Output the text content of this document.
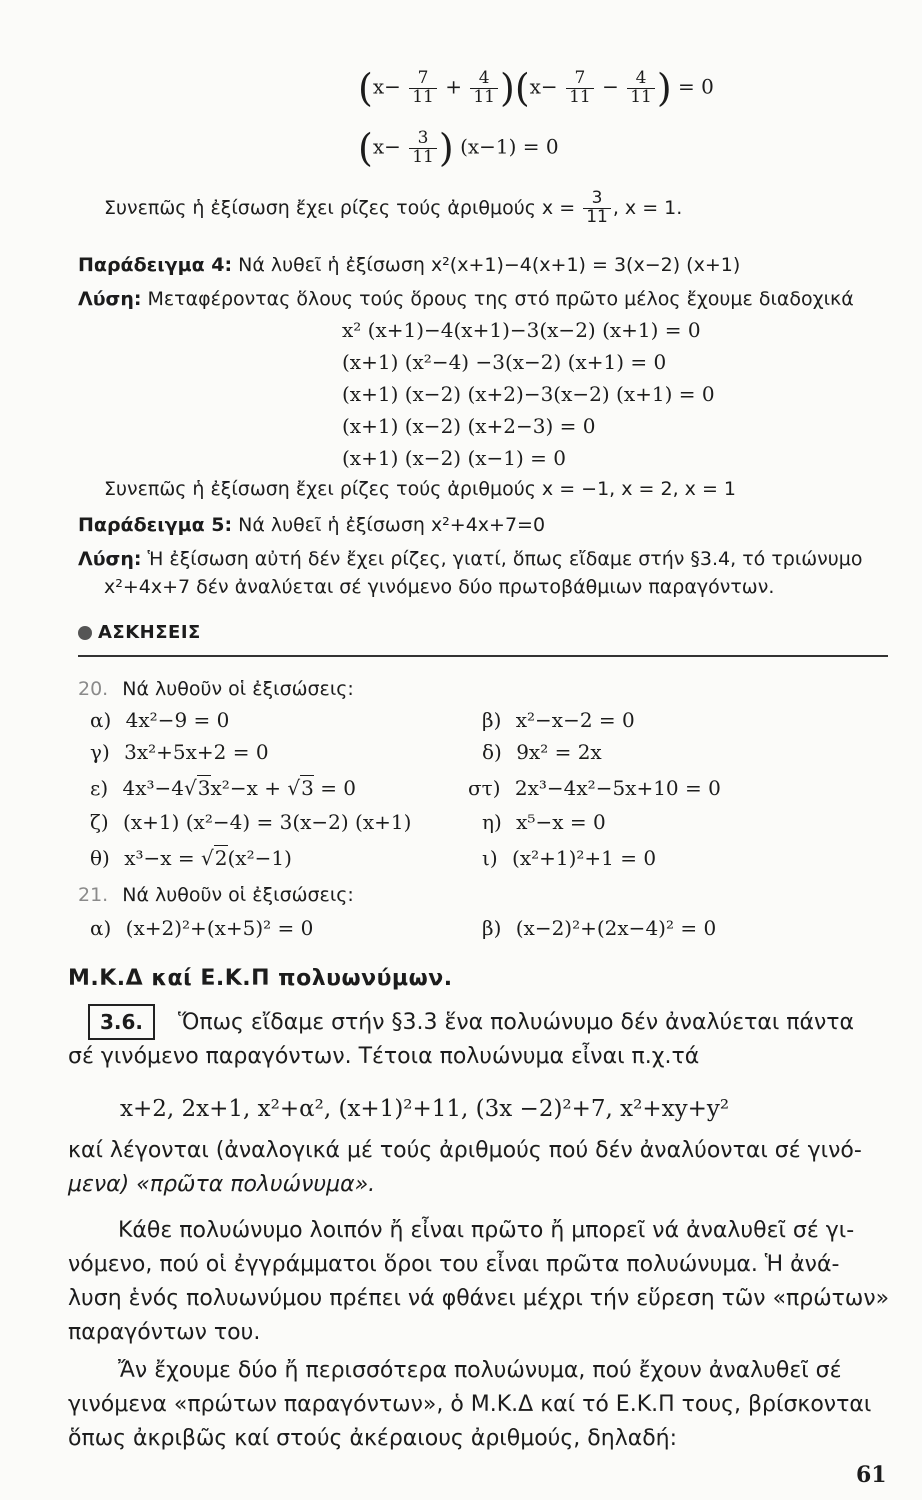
$(x- \frac{7}{11} + \frac{4}{11} )(x- \frac{7}{11} - \frac{4}{11}$ ) = 0
($x- \frac{3}{11}$ ) (x−1) = 0
Συνεπῶς ἡ ἐξίσωση ἔχει ρίζες τούς ἀριθμούς $x = \frac{3}{11}$ , x = 1.
Παράδειγμα 4: Νά λυθεῖ ἡ ἐξίσωση x²(x+1)−4(x+1) = 3(x−2) (x+1)
Λύση: Μεταφέροντας ὅλους τούς ὅρους της στό πρῶτο μέλος ἔχουμε διαδοχικά
x² (x+1)−4(x+1)−3(x−2) (x+1) = 0
(x+1) (x²−4) −3(x−2) (x+1) = 0
(x+1) (x−2) (x+2)−3(x−2) (x+1) = 0
(x+1) (x−2) (x+2−3) = 0
(x+1) (x−2) (x−1) = 0
Συνεπῶς ἡ ἐξίσωση ἔχει ρίζες τούς ἀριθμούς x = −1, x = 2, x = 1
Παράδειγμα 5: Νά λυθεῖ ἡ ἐξίσωση x²+4x+7=0
Λύση: Ἡ ἐξίσωση αὐτή δέν ἔχει ρίζες, γιατί, ὅπως εἴδαμε στήν §3.4, τό τριώνυμο
x²+4x+7 δέν ἀναλύεται σέ γινόμενο δύο πρωτοβάθμιων παραγόντων.
ΑΣΚΗΣΕΙΣ
20. Νά λυθοῦν οἱ ἐξισώσεις:
α) 4x²−9 = 0	β) x²−x−2 = 0
γ) 3x²+5x+2 = 0	δ) 9x² = 2x
ε) 4x³−4√3x²−x + √3 = 0	στ) 2x³−4x²−5x+10 = 0
ζ) (x+1) (x²−4) = 3(x−2) (x+1)	η) x⁵−x = 0
θ) x³−x = √2(x²−1)	ι) (x²+1)²+1 = 0
21. Νά λυθοῦν οἱ ἐξισώσεις:
α) (x+2)²+(x+5)² = 0	β) (x−2)²+(2x−4)² = 0
Μ.Κ.Δ καί Ε.Κ.Π πολυωνύμων.
3.6.	Ὅπως εἴδαμε στήν §3.3 ἕνα πολυώνυμο δέν ἀναλύεται πάντα
σέ γινόμενο παραγόντων. Τέτοια πολυώνυμα εἶναι π.χ.τά
x+2, 2x+1, x²+α², (x+1)²+11, (3x −2)²+7, x²+xy+y²
καί λέγονται (ἀναλογικά μέ τούς ἀριθμούς πού δέν ἀναλύονται σέ γινό-
μενα) «πρῶτα πολυώνυμα».
Κάθε πολυώνυμο λοιπόν ἤ εἶναι πρῶτο ἤ μπορεῖ νά ἀναλυθεῖ σέ γι-
νόμενο, πού οἱ ἐγγράμματοι ὅροι του εἶναι πρῶτα πολυώνυμα. Ἡ ἀνά-
λυση ἑνός πολυωνύμου πρέπει νά φθάνει μέχρι τήν εὕρεση τῶν «πρώτων»
παραγόντων του.
Ἄν ἔχουμε δύο ἤ περισσότερα πολυώνυμα, πού ἔχουν ἀναλυθεῖ σέ
γινόμενα «πρώτων παραγόντων», ὁ Μ.Κ.Δ καί τό Ε.Κ.Π τους, βρίσκονται
ὅπως ἀκριβῶς καί στούς ἀκέραιους ἀριθμούς, δηλαδή:
61
